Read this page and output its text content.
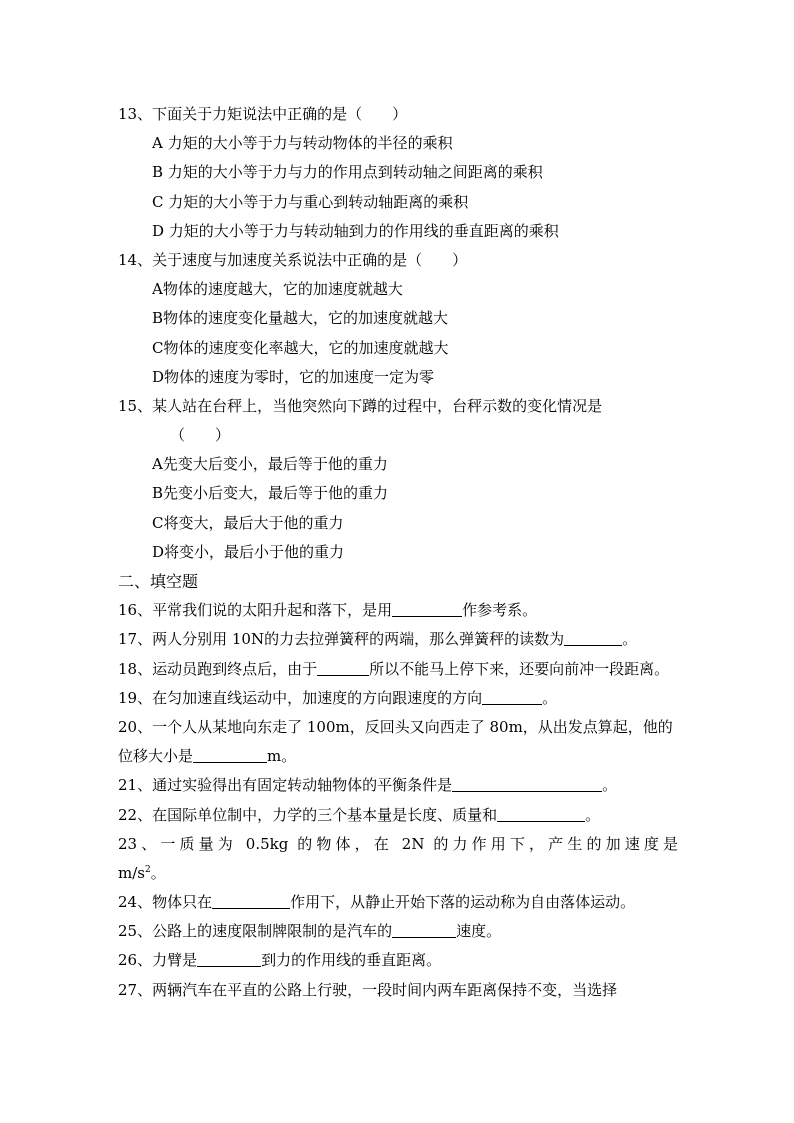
13、下面关于力矩说法中正确的是（　　）
A 力矩的大小等于力与转动物体的半径的乘积
B 力矩的大小等于力与力的作用点到转动轴之间距离的乘积
C 力矩的大小等于力与重心到转动轴距离的乘积
D 力矩的大小等于力与转动轴到力的作用线的垂直距离的乘积
14、关于速度与加速度关系说法中正确的是（　　）
A物体的速度越大，它的加速度就越大
B物体的速度变化量越大，它的加速度就越大
C物体的速度变化率越大，它的加速度就越大
D物体的速度为零时，它的加速度一定为零
15、某人站在台秤上，当他突然向下蹲的过程中，台秤示数的变化情况是
（　　）
A先变大后变小，最后等于他的重力
B先变小后变大，最后等于他的重力
C将变大，最后大于他的重力
D将变小，最后小于他的重力
二、填空题
16、平常我们说的太阳升起和落下，是用	作参考系。
17、两人分别用 10N的力去拉弹簧秤的两端，那么弹簧秤的读数为	。
18、运动员跑到终点后，由于	所以不能马上停下来，还要向前冲一段距离。
19、在匀加速直线运动中，加速度的方向跟速度的方向	。
20、一个人从某地向东走了 100m，反回头又向西走了 80m，从出发点算起，他的
位移大小是	m。
21、通过实验得出有固定转动轴物体的平衡条件是	。
22、在国际单位制中，力学的三个基本量是长度、质量和	。
23、一质量为 0.5kg 的物体，在 2N 的力作用下，产生的加速度是
$m/s^2$。
24、物体只在	作用下，从静止开始下落的运动称为自由落体运动。
25、公路上的速度限制牌限制的是汽车的	速度。
26、力臂是	到力的作用线的垂直距离。
27、两辆汽车在平直的公路上行驶，一段时间内两车距离保持不变，当选择
